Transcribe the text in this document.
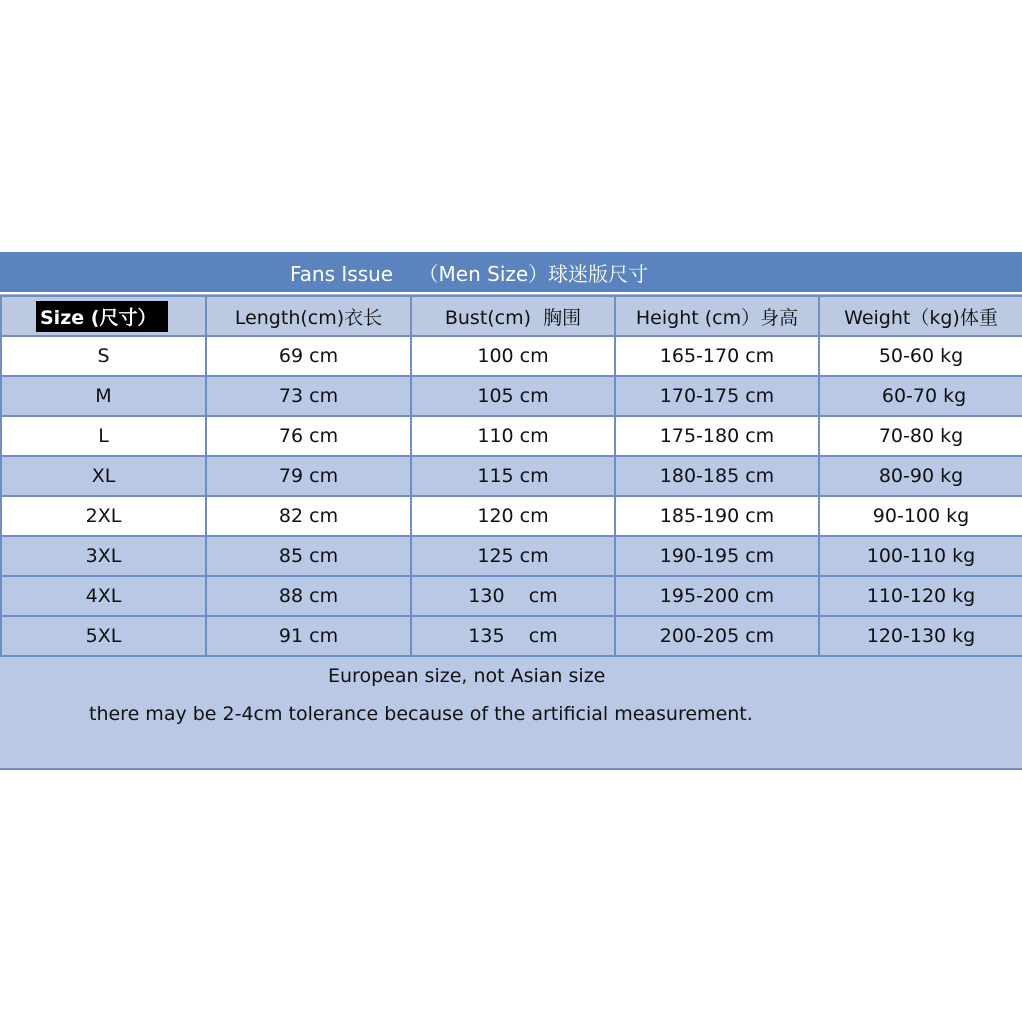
Fans Issue    （Men Size）球迷版尺寸
Size (尺寸）	Length(cm)衣长	Bust(cm)  胸围	Height (cm）身高	Weight（kg)体重
S	69 cm	100 cm	165-170 cm	50-60 kg
M	73 cm	105 cm	170-175 cm	60-70 kg
L	76 cm	110 cm	175-180 cm	70-80 kg
XL	79 cm	115 cm	180-185 cm	80-90 kg
2XL	82 cm	120 cm	185-190 cm	90-100 kg
3XL	85 cm	125 cm	190-195 cm	100-110 kg
4XL	88 cm	130    cm	195-200 cm	110-120 kg
5XL	91 cm	135    cm	200-205 cm	120-130 kg
European size, not Asian size
there may be 2-4cm tolerance because of the artificial measurement.
